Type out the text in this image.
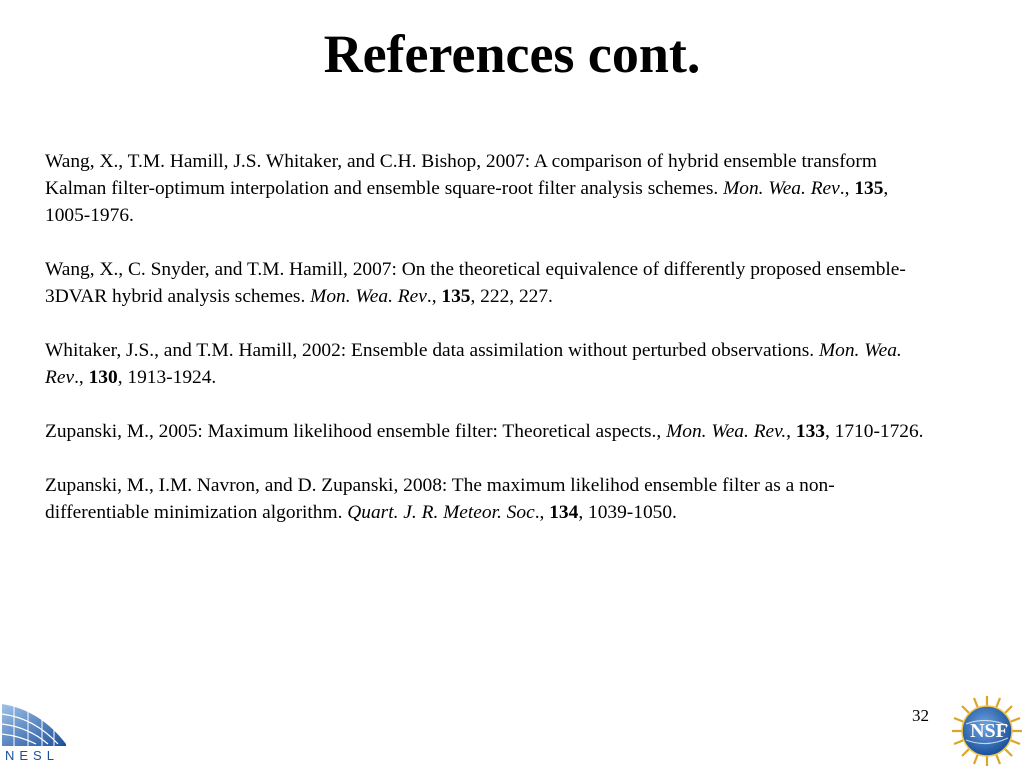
References cont.

Wang, X., T.M. Hamill, J.S. Whitaker, and C.H. Bishop, 2007: A comparison of hybrid ensemble transform Kalman filter-optimum interpolation and ensemble square-root filter analysis schemes. Mon. Wea. Rev., 135, 1005-1976.

Wang, X., C. Snyder, and T.M. Hamill, 2007: On the theoretical equivalence of differently proposed ensemble-3DVAR hybrid analysis schemes. Mon. Wea. Rev., 135, 222, 227.

Whitaker, J.S., and T.M. Hamill, 2002: Ensemble data assimilation without perturbed observations. Mon. Wea. Rev., 130, 1913-1924.

Zupanski, M., 2005: Maximum likelihood ensemble filter: Theoretical aspects., Mon. Wea. Rev., 133, 1710-1726.

Zupanski, M., I.M. Navron, and D. Zupanski, 2008: The maximum likelihod ensemble filter as a non-differentiable minimization algorithm. Quart. J. R. Meteor. Soc., 134, 1039-1050.

32
NESL
NSF
